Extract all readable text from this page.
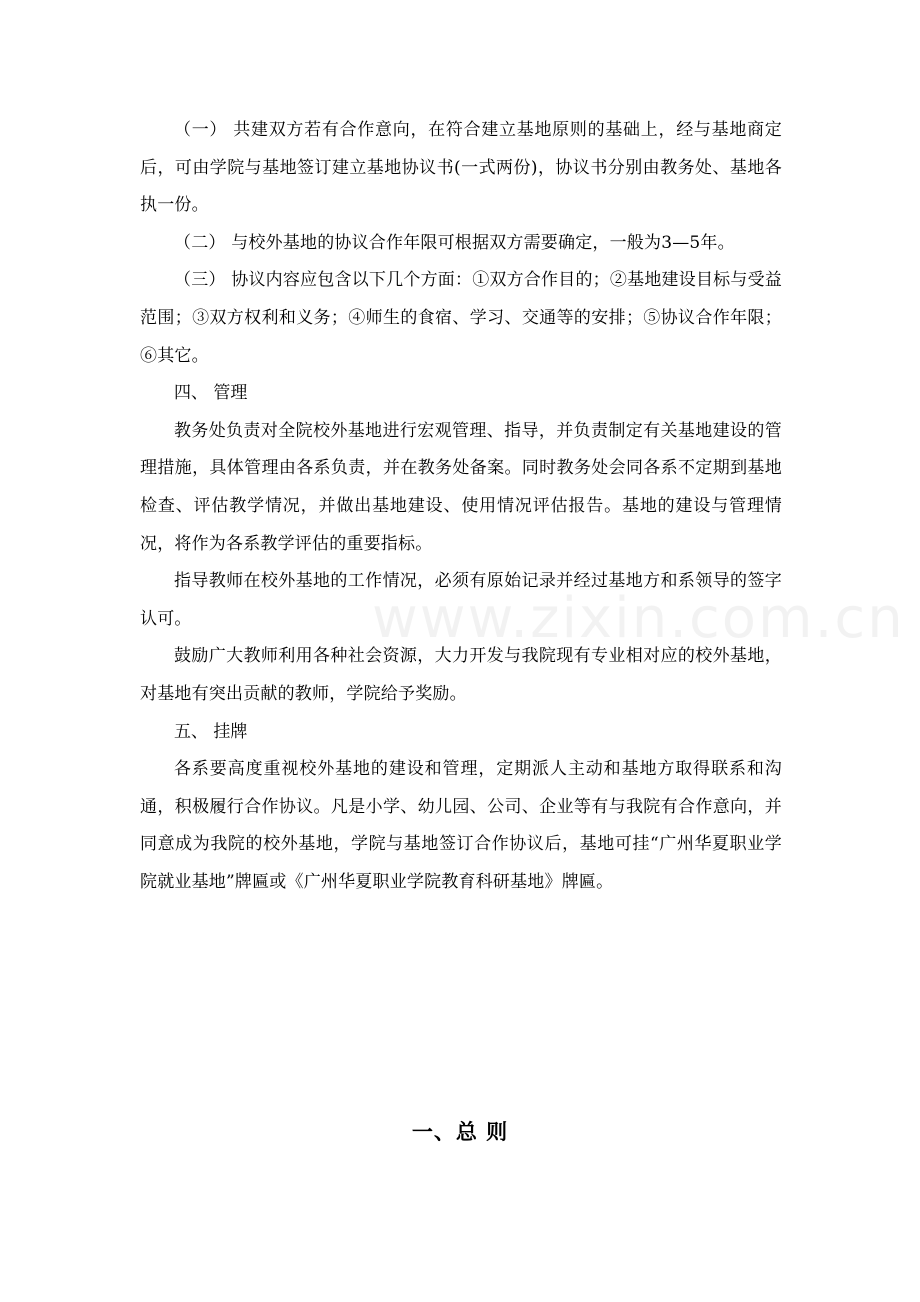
www.zixin.com.cn

（一） 共建双方若有合作意向，在符合建立基地原则的基础上，经与基地商定后，可由学院与基地签订建立基地协议书(一式两份)，协议书分别由教务处、基地各执一份。

（二） 与校外基地的协议合作年限可根据双方需要确定，一般为3—5年。

（三） 协议内容应包含以下几个方面：①双方合作目的；②基地建设目标与受益范围；③双方权利和义务；④师生的食宿、学习、交通等的安排；⑤协议合作年限；⑥其它。

四、 管理

教务处负责对全院校外基地进行宏观管理、指导，并负责制定有关基地建设的管理措施，具体管理由各系负责，并在教务处备案。同时教务处会同各系不定期到基地检查、评估教学情况，并做出基地建设、使用情况评估报告。基地的建设与管理情况，将作为各系教学评估的重要指标。

指导教师在校外基地的工作情况，必须有原始记录并经过基地方和系领导的签字认可。

鼓励广大教师利用各种社会资源，大力开发与我院现有专业相对应的校外基地，对基地有突出贡献的教师，学院给予奖励。

五、 挂牌

各系要高度重视校外基地的建设和管理，定期派人主动和基地方取得联系和沟通，积极履行合作协议。凡是小学、幼儿园、公司、企业等有与我院有合作意向，并同意成为我院的校外基地，学院与基地签订合作协议后，基地可挂“广州华夏职业学院就业基地”牌匾或《广州华夏职业学院教育科研基地》牌匾。

一、总 则
